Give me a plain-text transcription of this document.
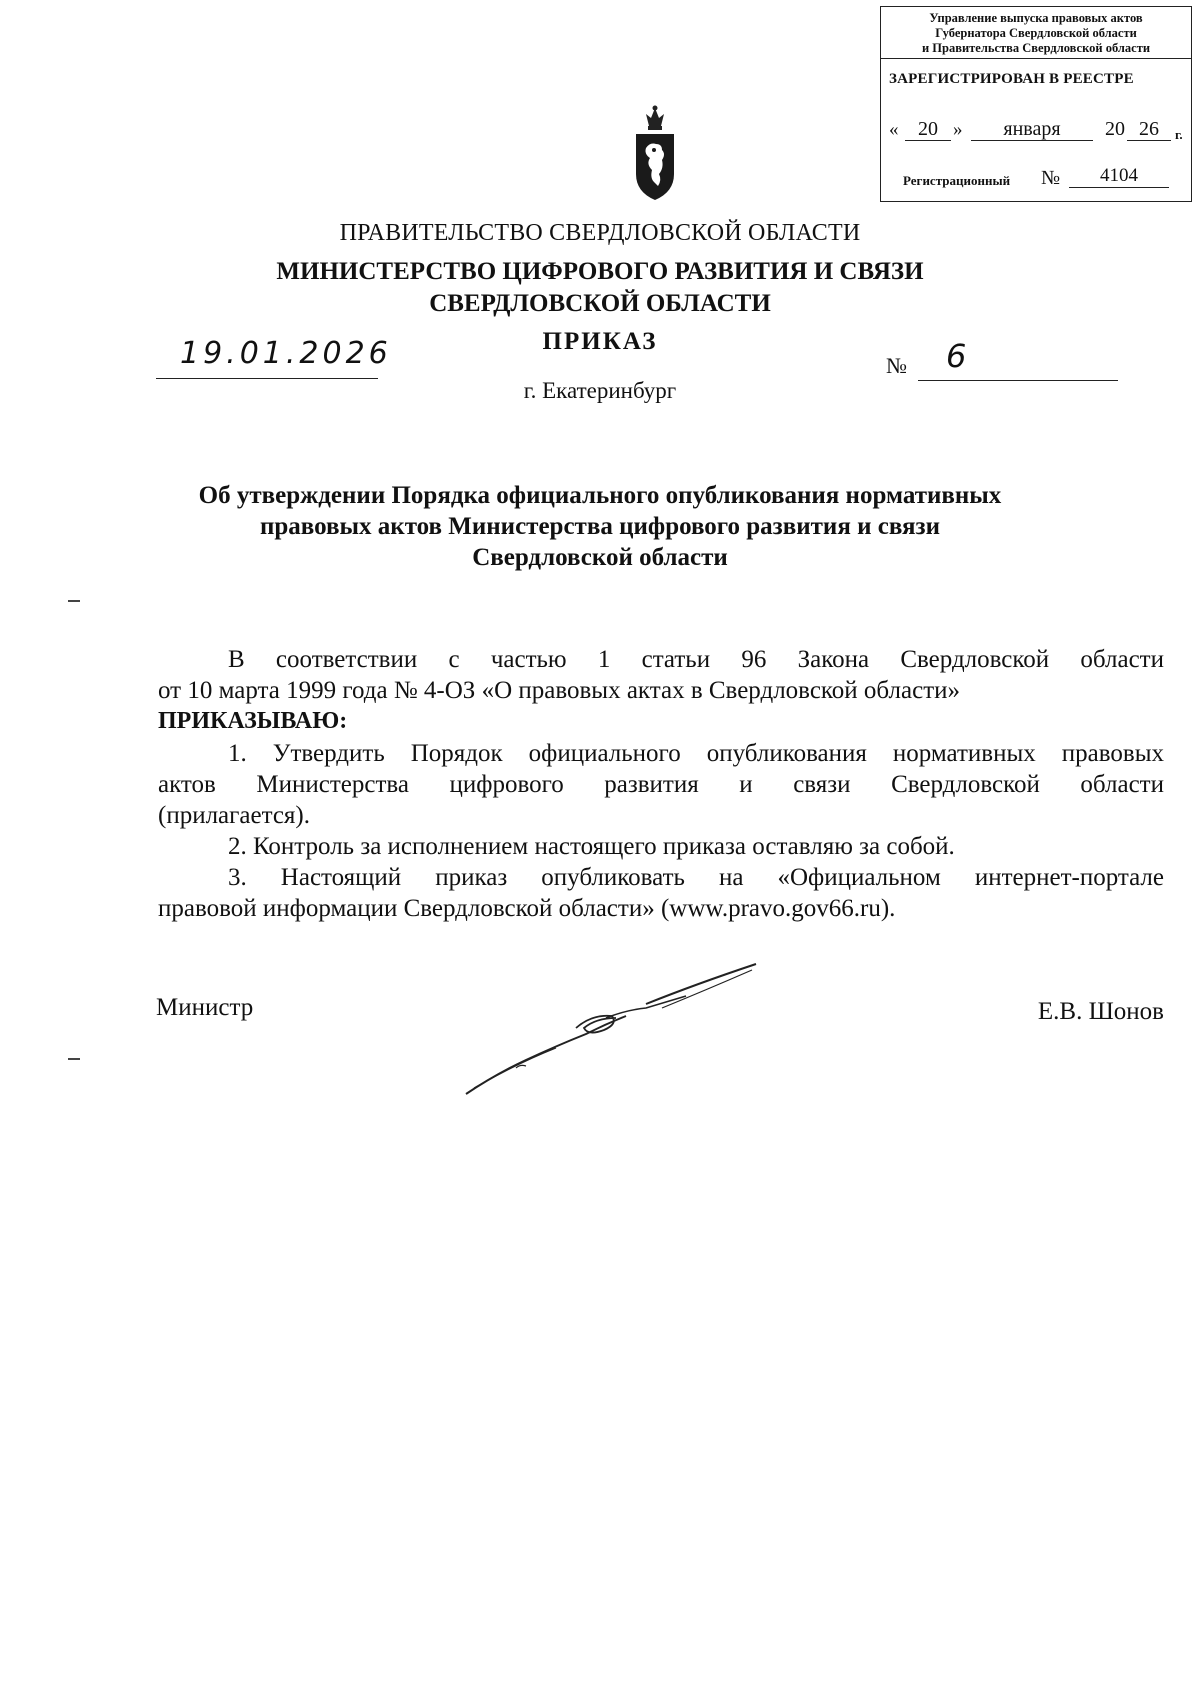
Управление выпуска правовых актов
Губернатора Свердловской области
и Правительства Свердловской области
ЗАРЕГИСТРИРОВАН В РЕЕСТРЕ
« 20 »	января	20 26	г.
Регистрационный №	4104
ПРАВИТЕЛЬСТВО СВЕРДЛОВСКОЙ ОБЛАСТИ
МИНИСТЕРСТВО ЦИФРОВОГО РАЗВИТИЯ И СВЯЗИ
СВЕРДЛОВСКОЙ ОБЛАСТИ
ПРИКАЗ
19.01.2026	№ 6
г. Екатеринбург
Об утверждении Порядка официального опубликования нормативных
правовых актов Министерства цифрового развития и связи
Свердловской области
В соответствии с частью 1 статьи 96 Закона Свердловской области
от 10 марта 1999 года № 4-ОЗ «О правовых актах в Свердловской области»
ПРИКАЗЫВАЮ:
1. Утвердить Порядок официального опубликования нормативных правовых
актов Министерства цифрового развития и связи Свердловской области
(прилагается).
2. Контроль за исполнением настоящего приказа оставляю за собой.
3. Настоящий приказ опубликовать на «Официальном интернет-портале
правовой информации Свердловской области» (www.pravo.gov66.ru).
Министр	Е.В. Шонов
